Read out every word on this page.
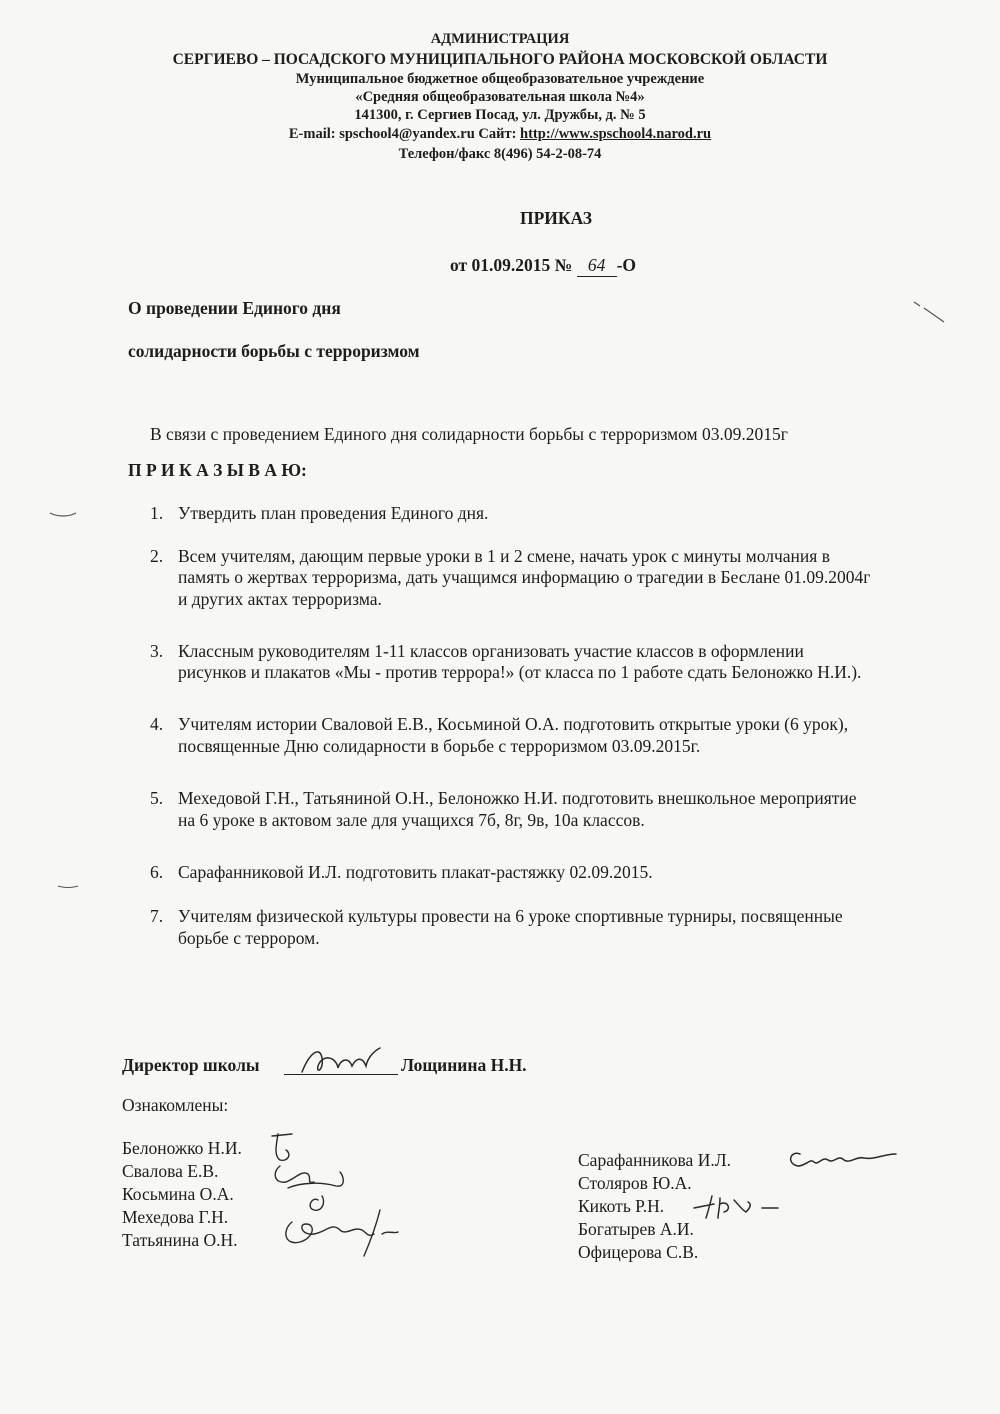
АДМИНИСТРАЦИЯ
СЕРГИЕВО – ПОСАДСКОГО МУНИЦИПАЛЬНОГО РАЙОНА МОСКОВСКОЙ ОБЛАСТИ
Муниципальное бюджетное общеобразовательное учреждение
«Средняя общеобразовательная школа №4»
141300, г. Сергиев Посад, ул. Дружбы, д. № 5
E-mail: spschool4@yandex.ru Сайт: http://www.spschool4.narod.ru
Телефон/факс 8(496) 54-2-08-74
ПРИКАЗ
от 01.09.2015 № 64 -О
О проведении Единого дня
солидарности борьбы с терроризмом
В связи с проведением Единого дня солидарности борьбы с терроризмом 03.09.2015г
П Р И К А З Ы В А Ю:
1. Утвердить план проведения Единого дня.
2. Всем учителям, дающим первые уроки в 1 и 2 смене, начать урок с минуты молчания в
память о жертвах терроризма, дать учащимся информацию о трагедии в Беслане 01.09.2004г
и других актах терроризма.
3. Классным руководителям 1-11 классов организовать участие классов в оформлении
рисунков и плакатов «Мы - против террора!» (от класса по 1 работе сдать Белоножко Н.И.).
4. Учителям истории Сваловой Е.В., Косьминой О.А. подготовить открытые уроки (6 урок),
посвященные Дню солидарности в борьбе с терроризмом 03.09.2015г.
5. Мехедовой Г.Н., Татьяниной О.Н., Белоножко Н.И. подготовить внешкольное мероприятие
на 6 уроке в актовом зале для учащихся 7б, 8г, 9в, 10а классов.
6. Сарафанниковой И.Л. подготовить плакат-растяжку 02.09.2015.
7. Учителям физической культуры провести на 6 уроке спортивные турниры, посвященные
борьбе с террором.
Директор школы	Лощинина Н.Н.
Ознакомлены:
Белоножко Н.И.
Свалова Е.В.
Косьмина О.А.
Мехедова Г.Н.
Татьянина О.Н.
Сарафанникова И.Л.
Столяров Ю.А.
Кикоть Р.Н.
Богатырев А.И.
Офицерова С.В.
